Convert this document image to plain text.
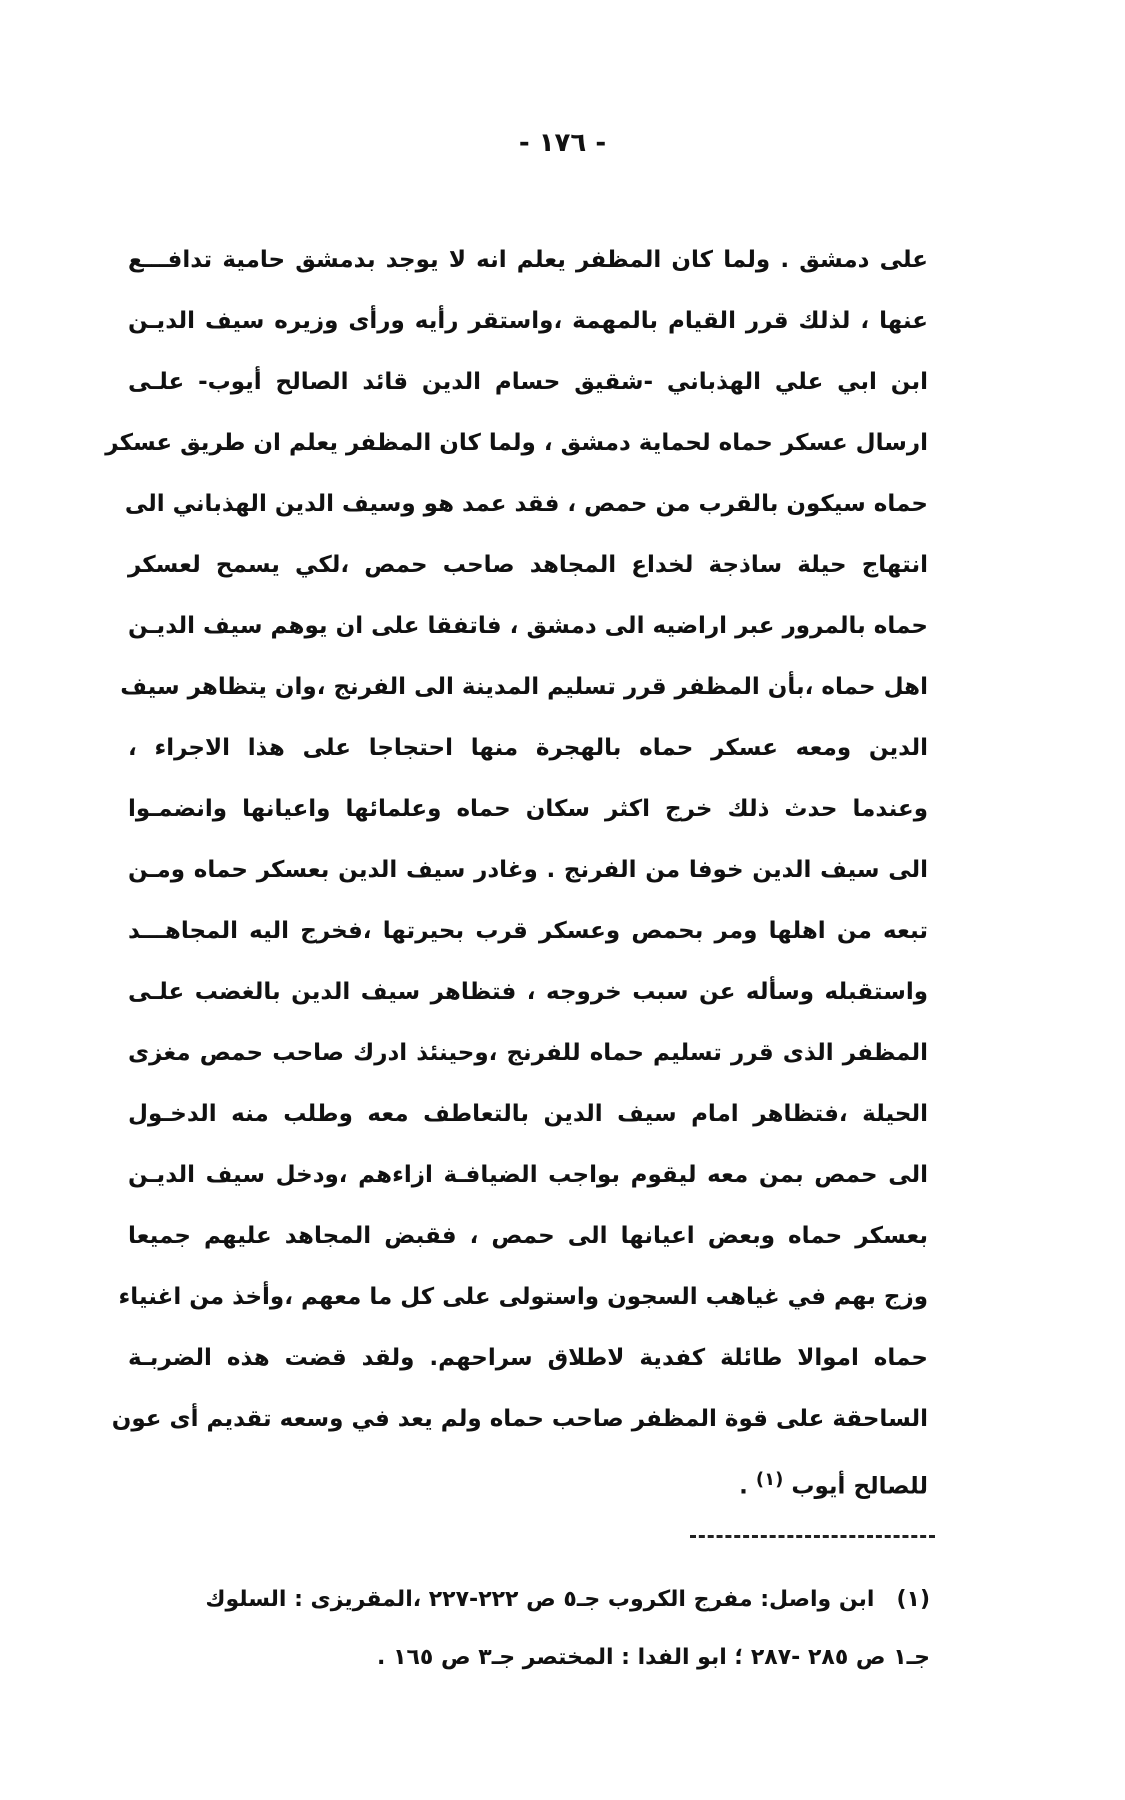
- ١٧٦ -
على دمشق . ولما كان المظفر يعلم انه لا يوجد بدمشق حامية تدافـــع
عنها ، لذلك قرر القيام بالمهمة ،واستقر رأيه ورأى وزيره سيف الديـن
ابن ابي علي الهذباني -شقيق حسام الدين قائد الصالح أيوب- علـى
ارسال عسكر حماه لحماية دمشق ، ولما كان المظفر يعلم ان طريق عسكر
حماه سيكون بالقرب من حمص ، فقد عمد هو وسيف الدين الهذباني الى
انتهاج حيلة ساذجة لخداع المجاهد صاحب حمص ،لكي يسمح لعسكر
حماه بالمرور عبر اراضيه الى دمشق ، فاتفقا على ان يوهم سيف الديـن
اهل حماه ،بأن المظفر قرر تسليم المدينة الى الفرنج ،وان يتظاهر سيف
الدين ومعه عسكر حماه بالهجرة منها احتجاجا على هذا الاجراء ،
وعندما حدث ذلك خرج اكثر سكان حماه وعلمائها واعيانها وانضمـوا
الى سيف الدين خوفا من الفرنج . وغادر سيف الدين بعسكر حماه ومـن
تبعه من اهلها ومر بحمص وعسكر قرب بحيرتها ،فخرج اليه المجاهـــد
واستقبله وسأله عن سبب خروجه ، فتظاهر سيف الدين بالغضب علـى
المظفر الذى قرر تسليم حماه للفرنج ،وحينئذ ادرك صاحب حمص مغزى
الحيلة ،فتظاهر امام سيف الدين بالتعاطف معه وطلب منه الدخـول
الى حمص بمن معه ليقوم بواجب الضيافـة ازاءهم ،ودخل سيف الديـن
بعسكر حماه وبعض اعيانها الى حمص ، فقبض المجاهد عليهم جميعا
وزج بهم في غياهب السجون واستولى على كل ما معهم ،وأخذ من اغنياء
حماه اموالا طائلة كفدية لاطلاق سراحهم. ولقد قضت هذه الضربـة
الساحقة على قوة المظفر صاحب حماه ولم يعد في وسعه تقديم أى عون
للصالح أيوب $^{(١)}$ .
(١)ابن واصل: مفرج الكروب جـ٥ ص ٢٢٢-٢٢٧ ،المقريزى : السلوك
جـ١ ص ٢٨٥ -٢٨٧ ؛ ابو الفدا : المختصر جـ٣ ص ١٦٥ .
